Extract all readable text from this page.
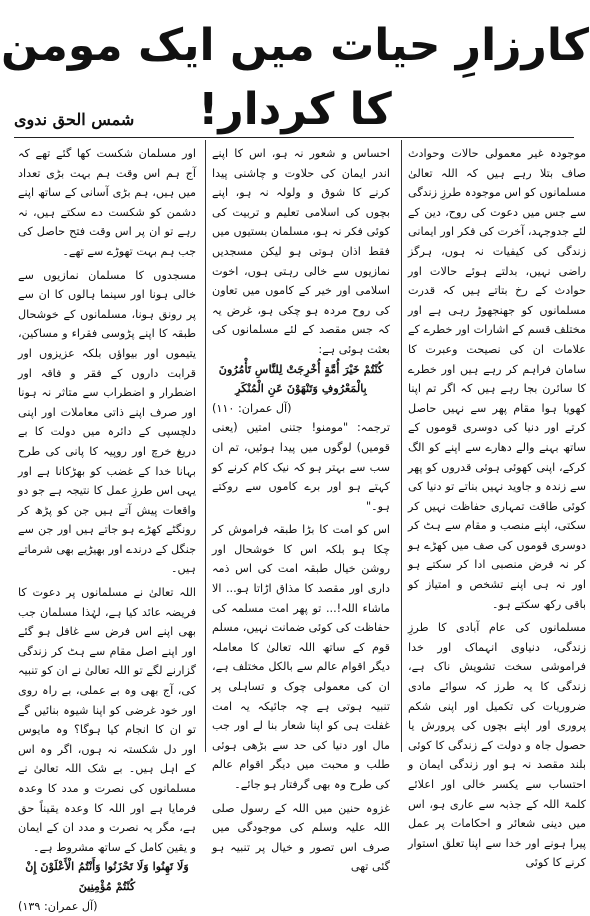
کارزارِ حیات میں ایک مومن کا کردار!
شمس الحق ندوی

موجودہ غیر معمولی حالات وحوادث صاف بتلا رہے ہیں کہ اللہ تعالیٰ مسلمانوں کو اس موجودہ طرزِ زندگی سے جس میں دعوت کی روح، دین کے لئے جدوجہد، آخرت کی فکر اور ایمانی زندگی کی کیفیات نہ ہوں، ہرگز راضی نہیں، بدلتے ہوئے حالات اور حوادث کے رخ بتاتے ہیں کہ قدرت مسلمانوں کو جھنجھوڑ رہی ہے اور مختلف قسم کے اشارات اور خطرے کے علامات ان کی نصیحت وعبرت کا سامان فراہم کر رہے ہیں اور خطرے کا سائرن بجا رہے ہیں کہ اگر تم اپنا کھویا ہوا مقام پھر سے نہیں حاصل کرتے اور دنیا کی دوسری قوموں کے ساتھ بہنے والے دھارے سے اپنے کو الگ کرکے، اپنی کھوئی ہوئی قدروں کو پھر سے زندہ و جاوید نہیں بناتے تو دنیا کی کوئی طاقت تمہاری حفاظت نہیں کر سکتی، اپنے منصب و مقام سے ہٹ کر دوسری قوموں کی صف میں کھڑے ہو کر نہ فرض منصبی ادا کر سکتے ہو اور نہ ہی اپنے تشخص و امتیاز کو باقی رکھ سکتے ہو۔

مسلمانوں کی عام آبادی کا طرزِ زندگی، دنیاوی انہماک اور خدا فراموشی سخت تشویش ناک ہے، زندگی کا یہ طرز کہ سوائے مادی ضروریات کی تکمیل اور اپنی شکم پروری اور اپنے بچوں کی پرورش یا حصول جاہ و دولت کے زندگی کا کوئی بلند مقصد نہ ہو اور زندگی ایمان و احتساب سے یکسر خالی اور اعلائے کلمۃ اللہ کے جذبہ سے عاری ہو، اس میں دینی شعائر و احکامات پر عمل پیرا ہونے اور خدا سے اپنا تعلق استوار کرنے کا کوئی

احساس و شعور نہ ہو، اس کا اپنے اندر ایمان کی حلاوت و چاشنی پیدا کرنے کا شوق و ولولہ نہ ہو، اپنے بچوں کی اسلامی تعلیم و تربیت کی کوئی فکر نہ ہو، مسلمان بستیوں میں فقط اذان ہوتی ہو لیکن مسجدیں نمازیوں سے خالی رہتی ہوں، اخوت اسلامی اور خیر کے کاموں میں تعاون کی روح مردہ ہو چکی ہو، غرض یہ کہ جس مقصد کے لئے مسلمانوں کی بعثت ہوئی ہے:

كُنْتُمْ خَيْرَ أُمَّةٍ أُخْرِجَتْ لِلنَّاسِ تَأْمُرُونَ بِالْمَعْرُوفِ وَتَنْهَوْنَ عَنِ الْمُنْكَرِ

(آل عمران: ۱۱۰)

ترجمہ: "مومنو! جتنی امتیں (یعنی قومیں) لوگوں میں پیدا ہوئیں، تم ان سب سے بہتر ہو کہ نیک کام کرنے کو کہتے ہو اور برے کاموں سے روکتے ہو۔"

اس کو امت کا بڑا طبقہ فراموش کر چکا ہو بلکہ اس کا خوشحال اور روشن خیال طبقہ امت کی اس ذمہ داری اور مقصد کا مذاق اڑاتا ہو... الا ماشاء اللہ!... تو پھر امت مسلمہ کی حفاظت کی کوئی ضمانت نہیں، مسلم قوم کے ساتھ اللہ تعالیٰ کا معاملہ دیگر اقوام عالم سے بالکل مختلف ہے، ان کی معمولی چوک و تساہلی پر تنبیہ ہوتی ہے چہ جائیکہ یہ امت غفلت ہی کو اپنا شعار بنا لے اور جب مال اور دنیا کی حد سے بڑھی ہوئی طلب و محبت میں دیگر اقوام عالم کی طرح وہ بھی گرفتار ہو جائے۔

غزوہ حنین میں اللہ کے رسول صلی اللہ علیہ وسلم کی موجودگی میں صرف اس تصور و خیال پر تنبیہ ہو گئی تھی

اور مسلمان شکست کھا گئے تھے کہ آج ہم اس وقت ہم بہت بڑی تعداد میں ہیں، ہم بڑی آسانی کے ساتھ اپنے دشمن کو شکست دے سکتے ہیں، نہ رہے تو ان پر اس وقت فتح حاصل کی جب ہم بہت تھوڑے سے تھے۔

مسجدوں کا مسلمان نمازیوں سے خالی ہونا اور سینما ہالوں کا ان سے پر رونق ہونا، مسلمانوں کے خوشحال طبقہ کا اپنے پڑوسی فقراء و مساکین، یتیموں اور بیواؤں بلکہ عزیزوں اور قرابت داروں کے فقر و فاقہ اور اضطرار و اضطراب سے متاثر نہ ہونا اور صرف اپنے ذاتی معاملات اور اپنی دلچسپی کے دائرہ میں دولت کا بے دریغ خرچ اور روپیہ کا پانی کی طرح بہانا خدا کے غضب کو بھڑکانا ہے اور یہی اس طرزِ عمل کا نتیجہ ہے جو دو واقعات پیش آتے ہیں جن کو پڑھ کر رونگٹے کھڑے ہو جاتے ہیں اور جن سے جنگل کے درندے اور بھیڑیے بھی شرماتے ہیں۔

اللہ تعالیٰ نے مسلمانوں پر دعوت کا فریضہ عائد کیا ہے، لہٰذا مسلمان جب بھی اپنے اس فرض سے غافل ہو گئے اور اپنے اصل مقام سے ہٹ کر زندگی گزارنے لگے تو اللہ تعالیٰ نے ان کو تنبیہ کی، آج بھی وہ بے عملی، بے راہ روی اور خود غرضی کو اپنا شیوہ بنائیں گے تو ان کا انجام کیا ہوگا؟ وہ مایوس اور دل شکستہ نہ ہوں، اگر وہ اس کے اہل ہیں۔ بے شک اللہ تعالیٰ نے مسلمانوں کی نصرت و مدد کا وعدہ فرمایا ہے اور اللہ کا وعدہ یقیناً حق ہے، مگر یہ نصرت و مدد ان کے ایمان و یقین کامل کے ساتھ مشروط ہے۔

وَلَا تَهِنُوا وَلَا تَحْزَنُوا وَأَنْتُمُ الْأَعْلَوْنَ إِنْ كُنْتُمْ مُؤْمِنِينَ

(آل عمران: ۱۳۹)
